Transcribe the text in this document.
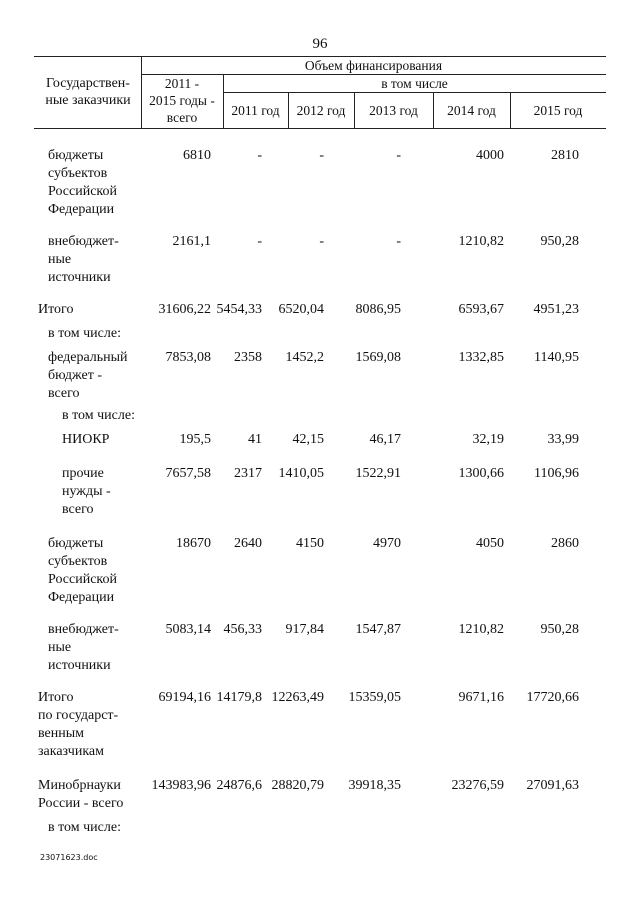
96
Государствен-
ные заказчики
Объем финансирования
2011 -
2015 годы -
всего
в том числе
2011 год	2012 год	2013 год	2014 год	2015 год
бюджеты
субъектов
Российской
Федерации
6810	-	-	-	4000	2810
внебюджет-
ные
источники
2161,1	-	-	-	1210,82	950,28
Итого	31606,22 5454,33 6520,04 8086,95	6593,67 4951,23
в том числе:
федеральный
бюджет -
всего
7853,08 2358 1452,2 1569,08	1332,85 1140,95
в том числе:
НИОКР	195,5	41 42,15	46,17	32,19	33,99
прочие
нужды -
всего
7657,58 2317 1410,05 1522,91	1300,66 1106,96
бюджеты
субъектов
Российской
Федерации
18670 2640 4150	4970	4050	2860
внебюджет-
ные
источники
5083,14 456,33 917,84 1547,87	1210,82	950,28
Итого
по государст-
венным
заказчикам
69194,16 14179,8 12263,49 15359,05	9671,16 17720,66
Минобрнауки
России - всего
143983,96 24876,6 28820,79 39918,35	23276,59 27091,63
в том числе:
23071623.doc
